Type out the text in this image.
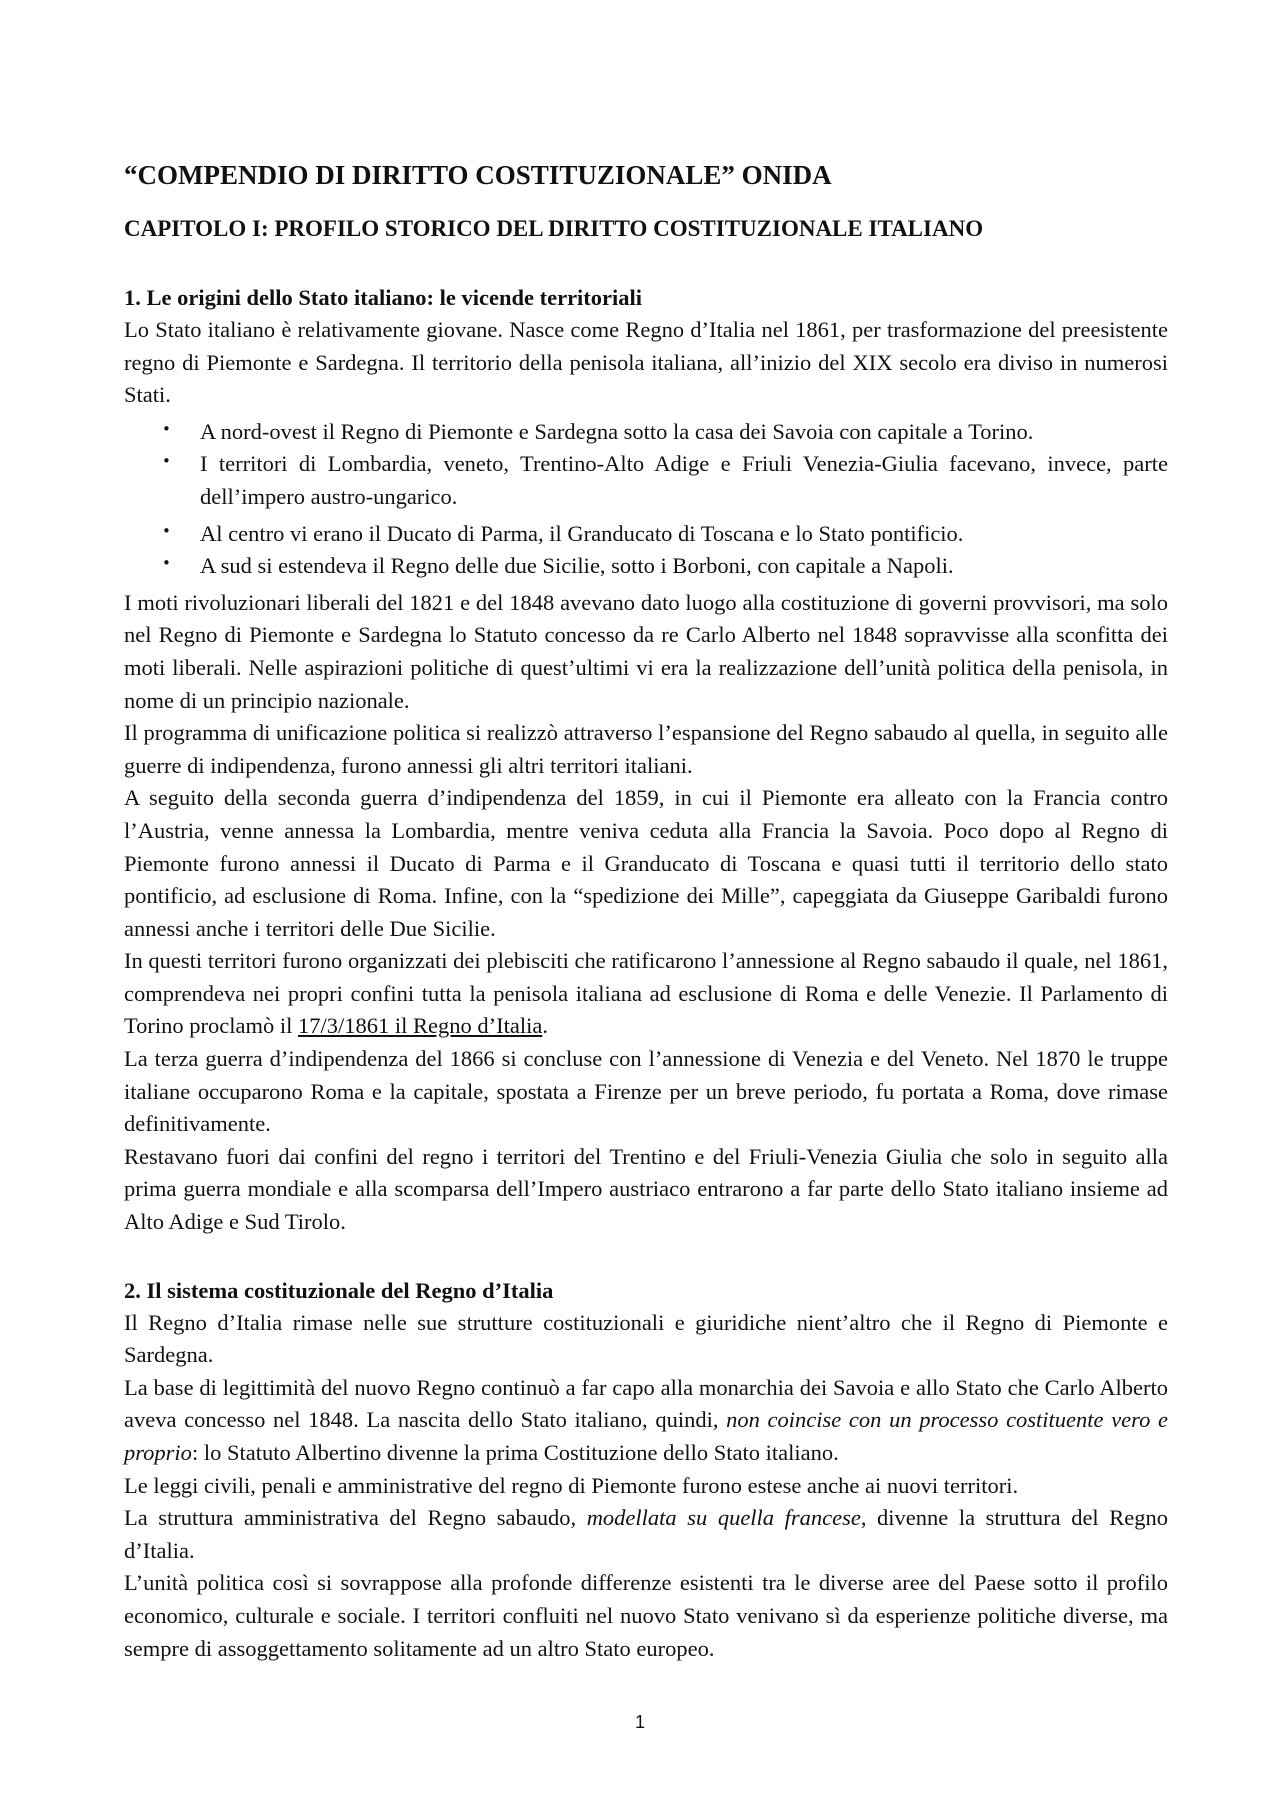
“COMPENDIO DI DIRITTO COSTITUZIONALE” ONIDA
CAPITOLO I: PROFILO STORICO DEL DIRITTO COSTITUZIONALE ITALIANO
1. Le origini dello Stato italiano: le vicende territoriali

Lo Stato italiano è relativamente giovane. Nasce come Regno d’Italia nel 1861, per trasformazione del preesistente regno di Piemonte e Sardegna. Il territorio della penisola italiana, all’inizio del XIX secolo era diviso in numerosi Stati.

• A nord-ovest il Regno di Piemonte e Sardegna sotto la casa dei Savoia con capitale a Torino.
• I territori di Lombardia, veneto, Trentino-Alto Adige e Friuli Venezia-Giulia facevano, invece, parte dell’impero austro-ungarico.
• Al centro vi erano il Ducato di Parma, il Granducato di Toscana e lo Stato pontificio.
• A sud si estendeva il Regno delle due Sicilie, sotto i Borboni, con capitale a Napoli.

I moti rivoluzionari liberali del 1821 e del 1848 avevano dato luogo alla costituzione di governi provvisori, ma solo nel Regno di Piemonte e Sardegna lo Statuto concesso da re Carlo Alberto nel 1848 sopravvisse alla sconfitta dei moti liberali. Nelle aspirazioni politiche di quest’ultimi vi era la realizzazione dell’unità politica della penisola, in nome di un principio nazionale.

Il programma di unificazione politica si realizzò attraverso l’espansione del Regno sabaudo al quella, in seguito alle guerre di indipendenza, furono annessi gli altri territori italiani.

A seguito della seconda guerra d’indipendenza del 1859, in cui il Piemonte era alleato con la Francia contro l’Austria, venne annessa la Lombardia, mentre veniva ceduta alla Francia la Savoia. Poco dopo al Regno di Piemonte furono annessi il Ducato di Parma e il Granducato di Toscana e quasi tutti il territorio dello stato pontificio, ad esclusione di Roma. Infine, con la “spedizione dei Mille”, capeggiata da Giuseppe Garibaldi furono annessi anche i territori delle Due Sicilie.

In questi territori furono organizzati dei plebisciti che ratificarono l’annessione al Regno sabaudo il quale, nel 1861, comprendeva nei propri confini tutta la penisola italiana ad esclusione di Roma e delle Venezie. Il Parlamento di Torino proclamò il 17/3/1861 il Regno d’Italia.

La terza guerra d’indipendenza del 1866 si concluse con l’annessione di Venezia e del Veneto. Nel 1870 le truppe italiane occuparono Roma e la capitale, spostata a Firenze per un breve periodo, fu portata a Roma, dove rimase definitivamente.

Restavano fuori dai confini del regno i territori del Trentino e del Friuli-Venezia Giulia che solo in seguito alla prima guerra mondiale e alla scomparsa dell’Impero austriaco entrarono a far parte dello Stato italiano insieme ad Alto Adige e Sud Tirolo.

2. Il sistema costituzionale del Regno d’Italia

Il Regno d’Italia rimase nelle sue strutture costituzionali e giuridiche nient’altro che il Regno di Piemonte e Sardegna.

La base di legittimità del nuovo Regno continuò a far capo alla monarchia dei Savoia e allo Stato che Carlo Alberto aveva concesso nel 1848. La nascita dello Stato italiano, quindi, non coincise con un processo costituente vero e proprio: lo Statuto Albertino divenne la prima Costituzione dello Stato italiano.

Le leggi civili, penali e amministrative del regno di Piemonte furono estese anche ai nuovi territori.

La struttura amministrativa del Regno sabaudo, modellata su quella francese, divenne la struttura del Regno d’Italia.

L’unità politica così si sovrappose alla profonde differenze esistenti tra le diverse aree del Paese sotto il profilo economico, culturale e sociale. I territori confluiti nel nuovo Stato venivano sì da esperienze politiche diverse, ma sempre di assoggettamento solitamente ad un altro Stato europeo.

1
